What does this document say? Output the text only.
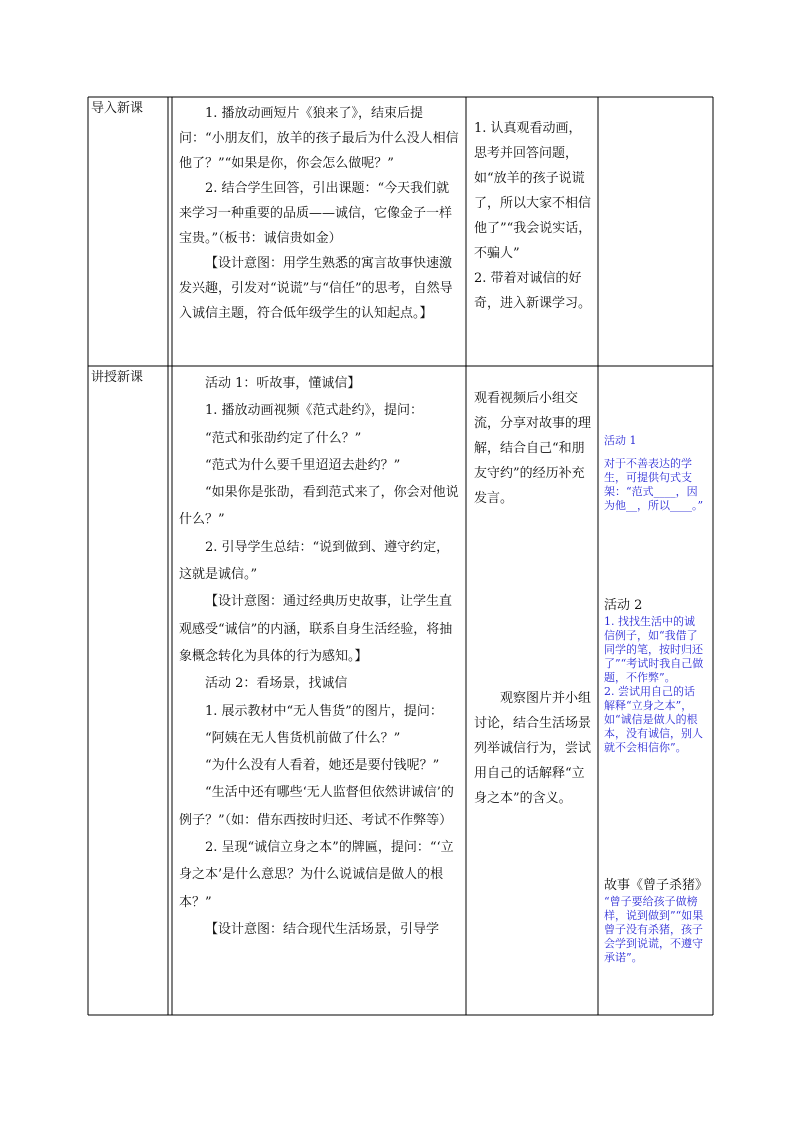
导入新课	1. 播放动画短片《狼来了》，结束后提问：“小朋友们，放羊的孩子最后为什么没人相信他了？”“如果是你，你会怎么做呢？”

2. 结合学生回答，引出课题：“今天我们就来学习一种重要的品质——诚信，它像金子一样宝贵。”（板书：诚信贵如金）

【设计意图：用学生熟悉的寓言故事快速激发兴趣，引发对“说谎”与“信任”的思考，自然导入诚信主题，符合低年级学生的认知起点。】

1. 认真观看动画，思考并回答问题，如“放羊的孩子说谎了，所以大家不相信他了”“我会说实话，不骗人”

2. 带着对诚信的好奇，进入新课学习。

讲授新课	活动 1：听故事，懂诚信】

1. 播放动画视频《范式赴约》，提问：

“范式和张劭约定了什么？”

“范式为什么要千里迢迢去赴约？”

“如果你是张劭，看到范式来了，你会对他说什么？”

2. 引导学生总结：“说到做到、遵守约定，这就是诚信。”

【设计意图：通过经典历史故事，让学生直观感受“诚信”的内涵，联系自身生活经验，将抽象概念转化为具体的行为感知。】

活动 2：看场景，找诚信

1. 展示教材中“无人售货”的图片，提问：

“阿姨在无人售货机前做了什么？”

“为什么没有人看着，她还是要付钱呢？”

“生活中还有哪些‘无人监督但依然讲诚信’的例子？”（如：借东西按时归还、考试不作弊等）

2. 呈现“诚信立身之本”的牌匾，提问：“‘立身之本’是什么意思？为什么说诚信是做人的根本？”

【设计意图：结合现代生活场景，引导学

观看视频后小组交流，分享对故事的理解，结合自己“和朋友守约”的经历补充发言。

观察图片并小组讨论，结合生活场景列举诚信行为，尝试用自己的话解释“立身之本”的含义。

活动 1

对于不善表达的学生，可提供句式支架：“范式____，因为他__，所以____。”

活动 2

1. 找找生活中的诚信例子，如“我借了同学的笔，按时归还了”“考试时我自己做题，不作弊”。
2. 尝试用自己的话解释“立身之本”，如“诚信是做人的根本，没有诚信，别人就不会相信你”。

故事《曾子杀猪》

“曾子要给孩子做榜样，说到做到”“如果曾子没有杀猪，孩子会学到说谎，不遵守承诺”。
